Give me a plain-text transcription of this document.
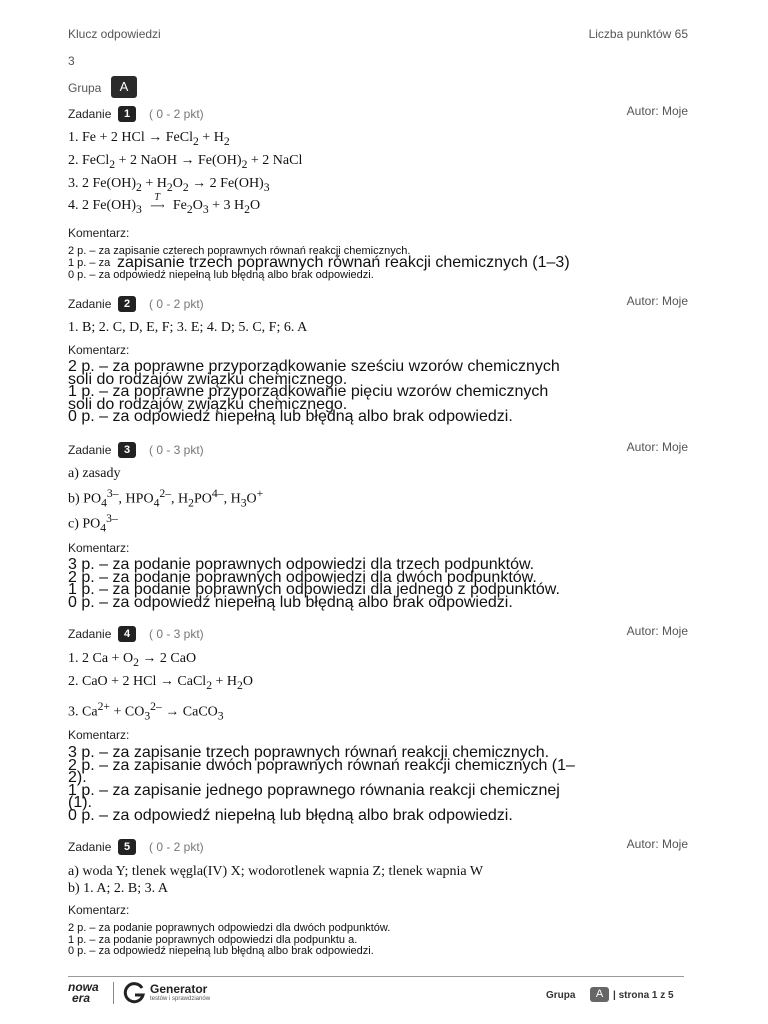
Klucz odpowiedzi	Liczba punktów 65
3
Grupa	A
Zadanie	1	( 0 - 2 pkt)	Autor: Moje
1. Fe + 2 HCl → FeCl$_2$ + $H_2$
2. FeCl$_2$ + 2 NaOH → $Fe(OH)_2 + 2$ NaCl
3. 2 $Fe(OH)_2 + H_2O_2 \to 2$ $Fe(OH)_3$
4. 2 $Fe(OH)_3$
T
⟶ $Fe_2O_3 + 3$ $H_2O$
Komentarz:
2 p. – za zapisanie czterech poprawnych równań reakcji chemicznych.
1 p. – za zapisanie trzech poprawnych równań reakcji chemicznych (1–3)
0 p. – za odpowiedź niepełną lub błędną albo brak odpowiedzi.
Zadanie	2	( 0 - 2 pkt)	Autor: Moje
1. B; 2. C, D, E, F; 3. E; 4. D; 5. C, F; 6. A
Komentarz:
2 p. – za poprawne przyporządkowanie sześciu wzorów chemicznych
soli do rodzajów związku chemicznego.
1 p. – za poprawne przyporządkowanie pięciu wzorów chemicznych
soli do rodzajów związku chemicznego.
0 p. – za odpowiedź niepełną lub błędną albo brak odpowiedzi.
Zadanie	3	( 0 - 3 pkt)	Autor: Moje
a) zasady
b) $PO_4^{3-}$, $HPO_4^{2-}$, $H_2PO^{4-}$, $H_3O^+$
c) $PO_4^{3-}$
Komentarz:
3 p. – za podanie poprawnych odpowiedzi dla trzech podpunktów.
2 p. – za podanie poprawnych odpowiedzi dla dwóch podpunktów.
1 p. – za podanie poprawnych odpowiedzi dla jednego z podpunktów.
0 p. – za odpowiedź niepełną lub błędną albo brak odpowiedzi.
Zadanie	4	( 0 - 3 pkt)	Autor: Moje
1. 2 $Ca + O_2 \to 2$ CaO
2. CaO + 2 HCl → CaCl$_2$ + $H_2O$
3. $Ca^{2+} + CO_3^{2-}$ → CaCO$_3$
Komentarz:
3 p. – za zapisanie trzech poprawnych równań reakcji chemicznych.
2 p. – za zapisanie dwóch poprawnych równań reakcji chemicznych (1–
2).
1 p. – za zapisanie jednego poprawnego równania reakcji chemicznej
(1).
0 p. – za odpowiedź niepełną lub błędną albo brak odpowiedzi.
Zadanie	5	( 0 - 2 pkt)	Autor: Moje
a) woda Y; tlenek węgla(IV) X; wodorotlenek wapnia Z; tlenek wapnia W
b) 1. A; 2. B; 3. A
Komentarz:
2 p. – za podanie poprawnych odpowiedzi dla dwóch podpunktów.
1 p. – za podanie poprawnych odpowiedzi dla podpunktu a.
0 p. – za odpowiedź niepełną lub błędną albo brak odpowiedzi.
nowa
era
Generator
testów i sprawdzianów	Grupa	A | strona 1 z 5
